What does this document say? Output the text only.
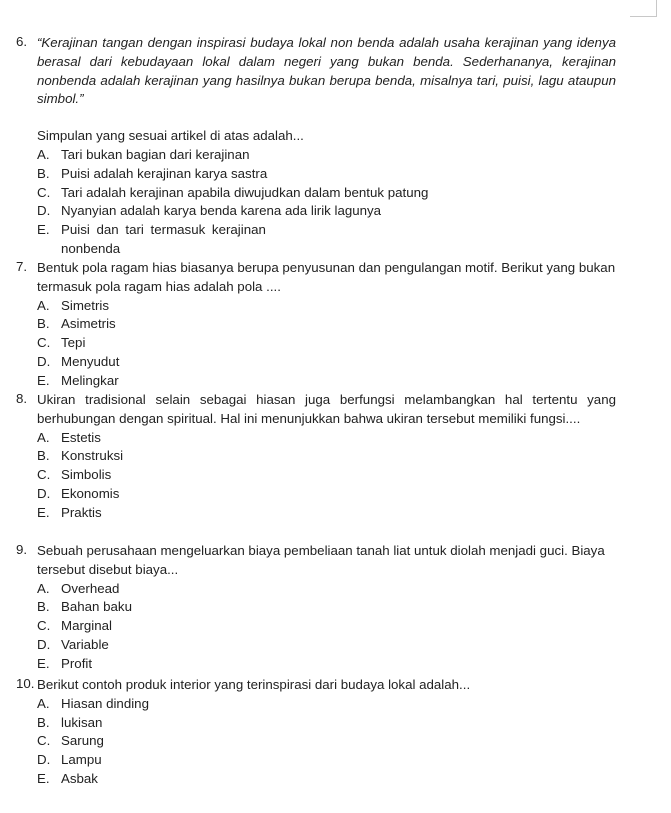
6. “Kerajinan tangan dengan inspirasi budaya lokal non benda adalah usaha kerajinan yang idenya berasal dari kebudayaan lokal dalam negeri yang bukan benda. Sederhananya, kerajinan nonbenda adalah kerajinan yang hasilnya bukan berupa benda, misalnya tari, puisi, lagu ataupun simbol.”
Simpulan yang sesuai artikel di atas adalah...
A. Tari bukan bagian dari kerajinan
B. Puisi adalah kerajinan karya sastra
C. Tari adalah kerajinan apabila diwujudkan dalam bentuk patung
D. Nyanyian adalah karya benda karena ada lirik lagunya
E. Puisi dan tari termasuk kerajinan nonbenda
7. Bentuk pola ragam hias biasanya berupa penyusunan dan pengulangan motif. Berikut yang bukan termasuk pola ragam hias adalah pola ....
A. Simetris
B. Asimetris
C. Tepi
D. Menyudut
E. Melingkar
8. Ukiran tradisional selain sebagai hiasan juga berfungsi melambangkan hal tertentu yang berhubungan dengan spiritual. Hal ini menunjukkan bahwa ukiran tersebut memiliki fungsi....
A. Estetis
B. Konstruksi
C. Simbolis
D. Ekonomis
E. Praktis
9. Sebuah perusahaan mengeluarkan biaya pembeliaan tanah liat untuk diolah menjadi guci. Biaya tersebut disebut biaya...
A. Overhead
B. Bahan baku
C. Marginal
D. Variable
E. Profit
10. Berikut contoh produk interior yang terinspirasi dari budaya lokal adalah...
A. Hiasan dinding
B. lukisan
C. Sarung
D. Lampu
E. Asbak
